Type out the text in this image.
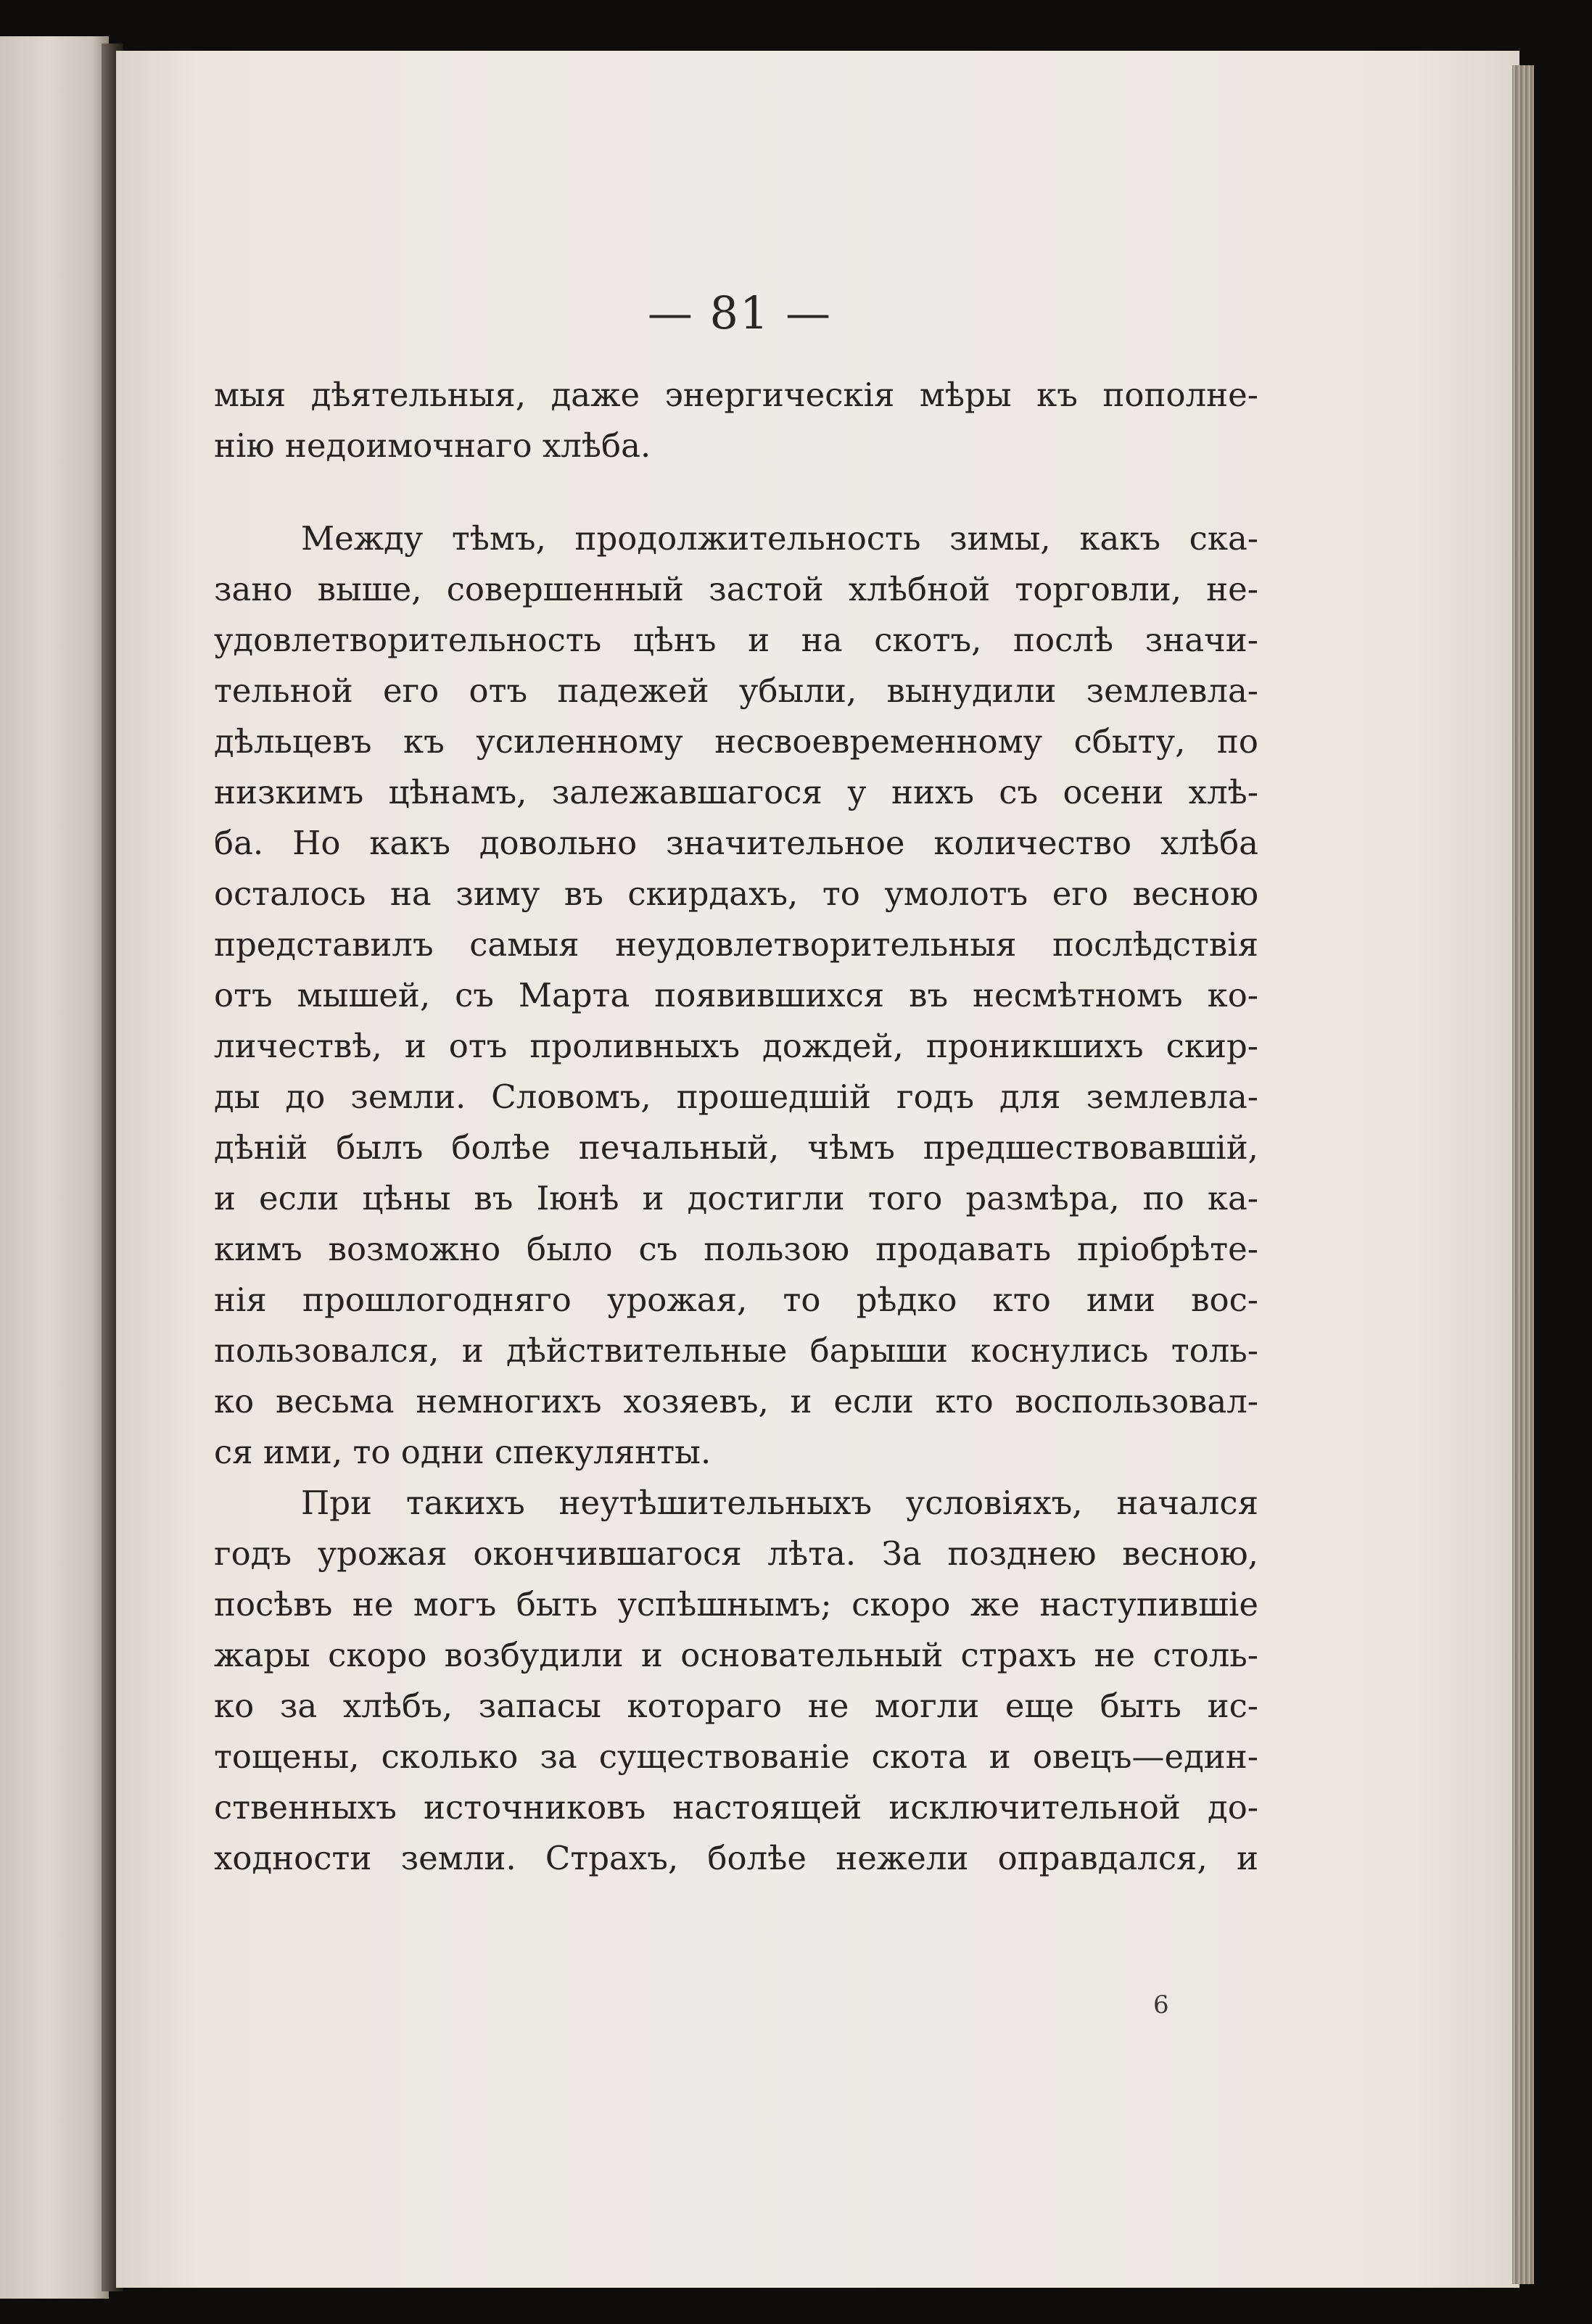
— 81 —
мыя дѣятельныя, даже энергическія мѣры къ пополне-
нію недоимочнаго хлѣба.
Между тѣмъ, продолжительность зимы, какъ ска-
зано выше, совершенный застой хлѣбной торговли, не-
удовлетворительность цѣнъ и на скотъ, послѣ значи-
тельной его отъ падежей убыли, вынудили землевла-
дѣльцевъ къ усиленному несвоевременному сбыту, по
низкимъ цѣнамъ, залежавшагося у нихъ съ осени хлѣ-
ба. Но какъ довольно значительное количество хлѣба
осталось на зиму въ скирдахъ, то умолотъ его весною
представилъ самыя неудовлетворительныя послѣдствія
отъ мышей, съ Марта появившихся въ несмѣтномъ ко-
личествѣ, и отъ проливныхъ дождей, проникшихъ скир-
ды до земли. Словомъ, прошедшій годъ для землевла-
дѣній былъ болѣе печальный, чѣмъ предшествовавшій,
и если цѣны въ Іюнѣ и достигли того размѣра, по ка-
кимъ возможно было съ пользою продавать пріобрѣте-
нія прошлогодняго урожая, то рѣдко кто ими вос-
пользовался, и дѣйствительные барыши коснулись толь-
ко весьма немногихъ хозяевъ, и если кто воспользовал-
ся ими, то одни спекулянты.
При такихъ неутѣшительныхъ условіяхъ, начался
годъ урожая окончившагося лѣта. За позднею весною,
посѣвъ не могъ быть успѣшнымъ; скоро же наступившіе
жары скоро возбудили и основательный страхъ не столь-
ко за хлѣбъ, запасы котораго не могли еще быть ис-
тощены, сколько за существованіе скота и овецъ—един-
ственныхъ источниковъ настоящей исключительной до-
ходности земли. Страхъ, болѣе нежели оправдался, и
6
